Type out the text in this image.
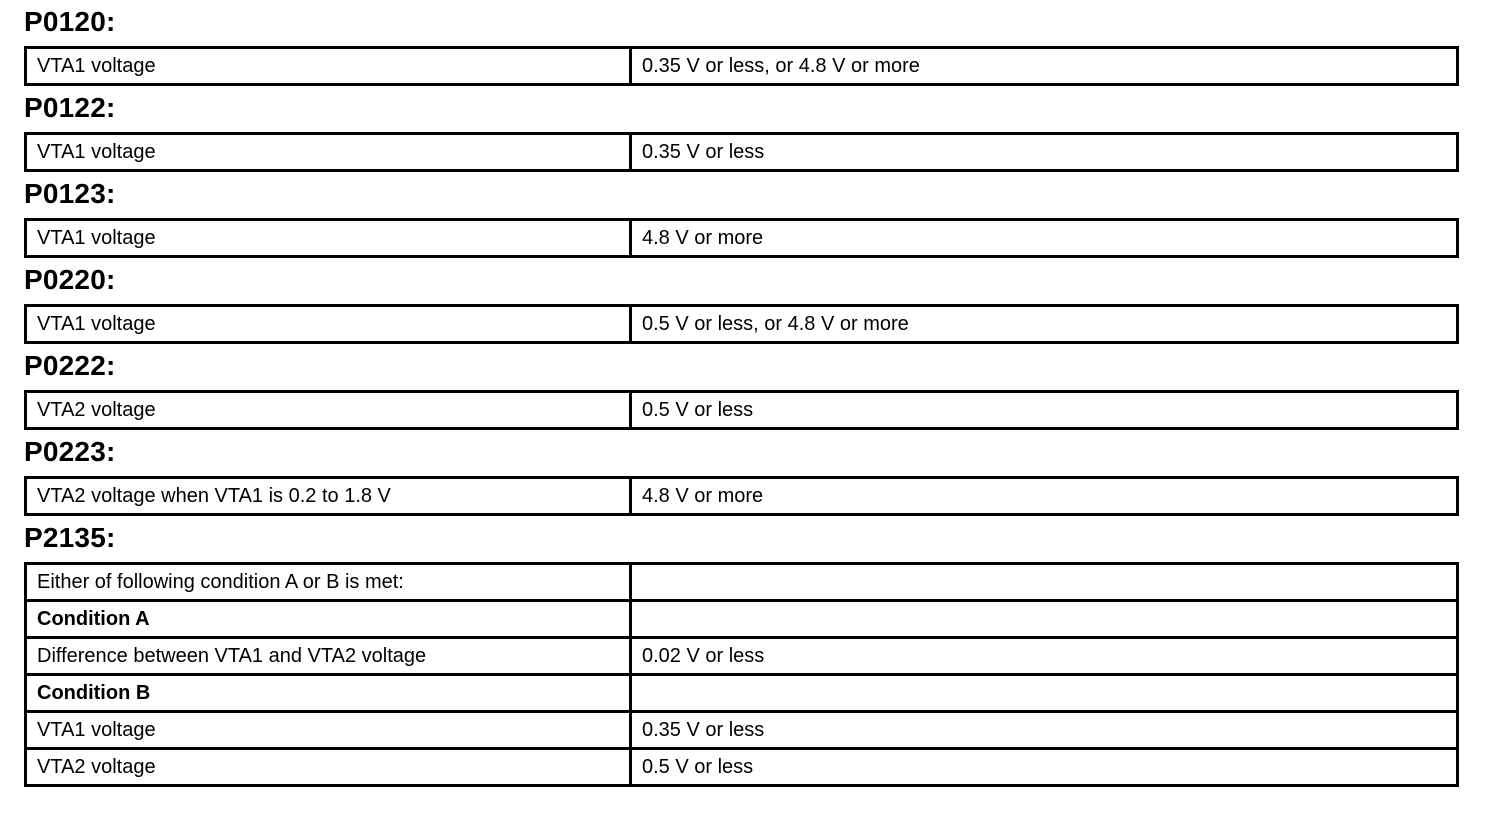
P0120:
VTA1 voltage	0.35 V or less, or 4.8 V or more
P0122:
VTA1 voltage	0.35 V or less
P0123:
VTA1 voltage	4.8 V or more
P0220:
VTA1 voltage	0.5 V or less, or 4.8 V or more
P0222:
VTA2 voltage	0.5 V or less
P0223:
VTA2 voltage when VTA1 is 0.2 to 1.8 V	4.8 V or more
P2135:
Either of following condition A or B is met:	
Condition A	
Difference between VTA1 and VTA2 voltage	0.02 V or less
Condition B	
VTA1 voltage	0.35 V or less
VTA2 voltage	0.5 V or less
